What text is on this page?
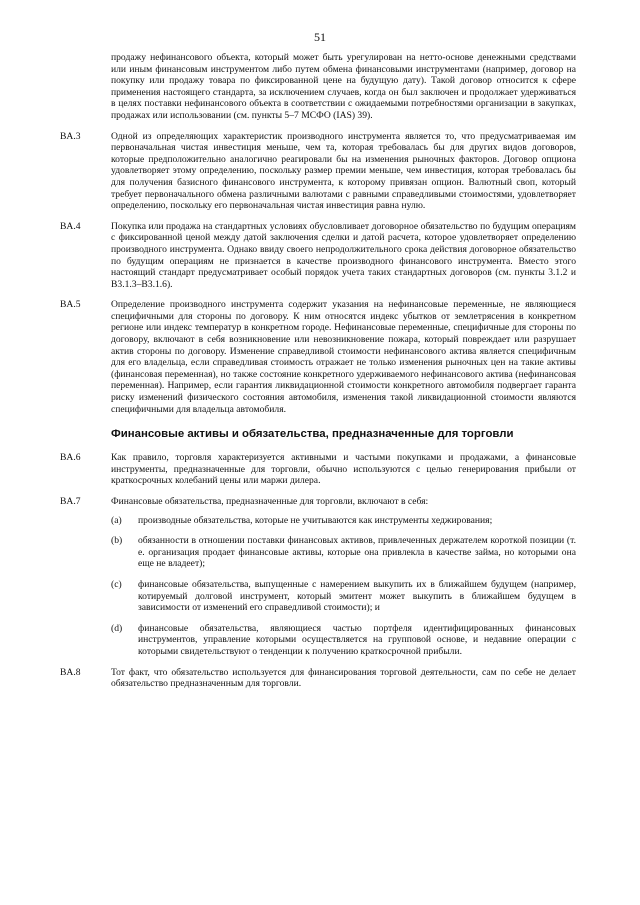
51
продажу нефинансового объекта, который может быть урегулирован на нетто-основе денежными средствами или иным финансовым инструментом либо путем обмена финансовыми инструментами (например, договор на покупку или продажу товара по фиксированной цене на будущую дату). Такой договор относится к сфере применения настоящего стандарта, за исключением случаев, когда он был заключен и продолжает удерживаться в целях поставки нефинансового объекта в соответствии с ожидаемыми потребностями организации в закупках, продажах или использовании (см. пункты 5–7 МСФО (IAS) 39).
BA.3	Одной из определяющих характеристик производного инструмента является то, что предусматриваемая им первоначальная чистая инвестиция меньше, чем та, которая требовалась бы для других видов договоров, которые предположительно аналогично реагировали бы на изменения рыночных факторов. Договор опциона удовлетворяет этому определению, поскольку размер премии меньше, чем инвестиция, которая требовалась бы для получения базисного финансового инструмента, к которому привязан опцион. Валютный своп, который требует первоначального обмена различными валютами с равными справедливыми стоимостями, удовлетворяет определению, поскольку его первоначальная чистая инвестиция равна нулю.
BA.4	Покупка или продажа на стандартных условиях обусловливает договорное обязательство по будущим операциям с фиксированной ценой между датой заключения сделки и датой расчета, которое удовлетворяет определению производного инструмента. Однако ввиду своего непродолжительного срока действия договорное обязательство по будущим операциям не признается в качестве производного финансового инструмента. Вместо этого настоящий стандарт предусматривает особый порядок учета таких стандартных договоров (см. пункты 3.1.2 и B3.1.3–B3.1.6).
BA.5	Определение производного инструмента содержит указания на нефинансовые переменные, не являющиеся специфичными для стороны по договору. К ним относятся индекс убытков от землетрясения в конкретном регионе или индекс температур в конкретном городе. Нефинансовые переменные, специфичные для стороны по договору, включают в себя возникновение или невозникновение пожара, который повреждает или разрушает актив стороны по договору. Изменение справедливой стоимости нефинансового актива является специфичным для его владельца, если справедливая стоимость отражает не только изменения рыночных цен на такие активы (финансовая переменная), но также состояние конкретного удерживаемого нефинансового актива (нефинансовая переменная). Например, если гарантия ликвидационной стоимости конкретного автомобиля подвергает гаранта риску изменений физического состояния автомобиля, изменения такой ликвидационной стоимости являются специфичными для владельца автомобиля.
Финансовые активы и обязательства, предназначенные для торговли
BA.6	Как правило, торговля характеризуется активными и частыми покупками и продажами, а финансовые инструменты, предназначенные для торговли, обычно используются с целью генерирования прибыли от краткосрочных колебаний цены или маржи дилера.
BA.7	Финансовые обязательства, предназначенные для торговли, включают в себя:
(a)	производные обязательства, которые не учитываются как инструменты хеджирования;
(b)	обязанности в отношении поставки финансовых активов, привлеченных держателем короткой позиции (т. е. организация продает финансовые активы, которые она привлекла в качестве займа, но которыми она еще не владеет);
(c)	финансовые обязательства, выпущенные с намерением выкупить их в ближайшем будущем (например, котируемый долговой инструмент, который эмитент может выкупить в ближайшем будущем в зависимости от изменений его справедливой стоимости); и
(d)	финансовые обязательства, являющиеся частью портфеля идентифицированных финансовых инструментов, управление которыми осуществляется на групповой основе, и недавние операции с которыми свидетельствуют о тенденции к получению краткосрочной прибыли.
BA.8	Тот факт, что обязательство используется для финансирования торговой деятельности, сам по себе не делает обязательство предназначенным для торговли.
